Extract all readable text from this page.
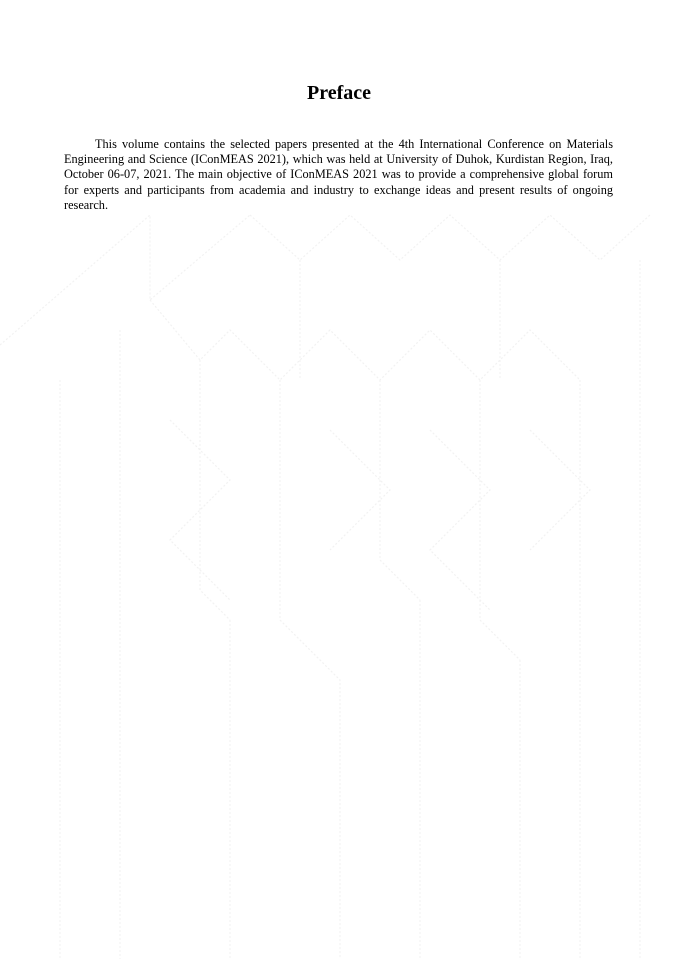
Preface

This volume contains the selected papers presented at the 4th International Conference on Materials Engineering and Science (IConMEAS 2021), which was held at University of Duhok, Kurdistan Region, Iraq, October 06-07, 2021. The main objective of IConMEAS 2021 was to provide a comprehensive global forum for experts and participants from academia and industry to exchange ideas and present results of ongoing research.
